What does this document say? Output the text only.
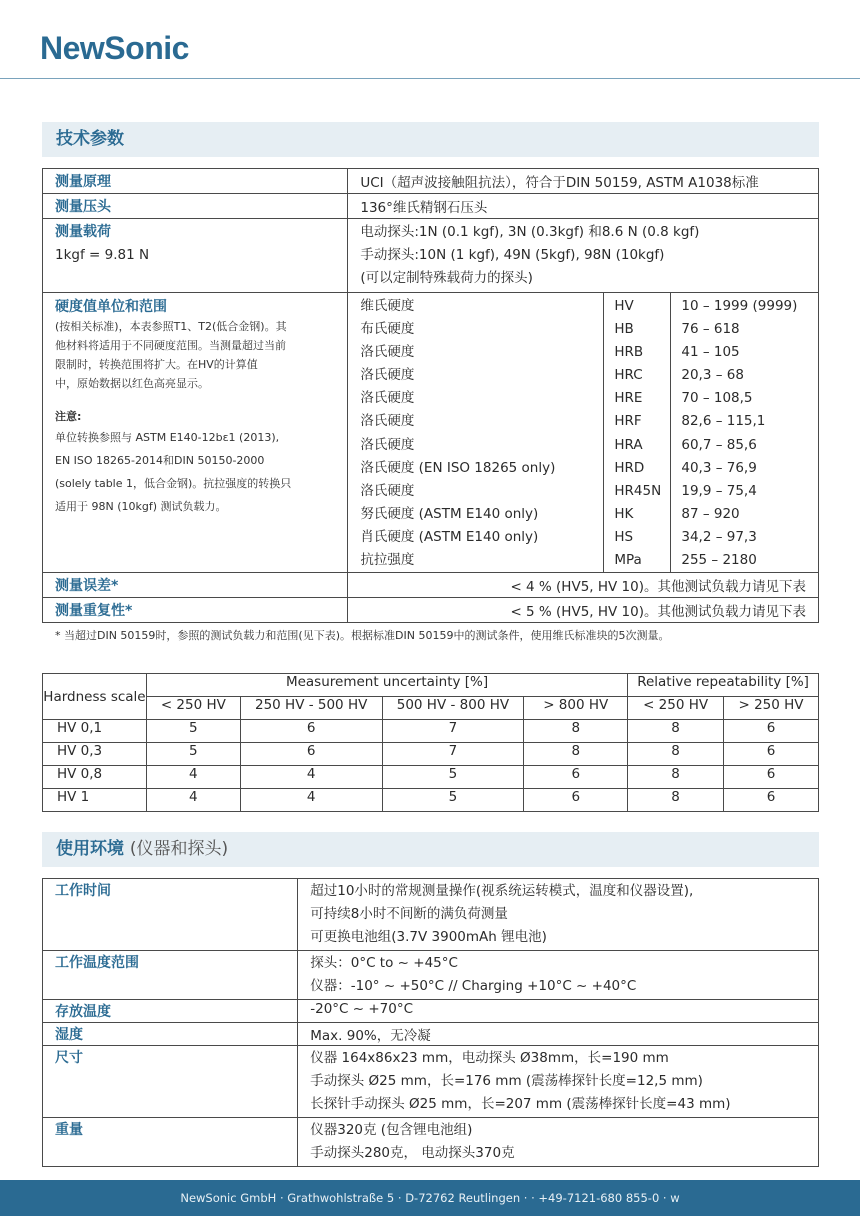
NewSonic
技术参数
测量原理	UCI（超声波接触阻抗法），符合于DIN 50159, ASTM A1038标准
测量压头	136°维氏精钢石压头

测量载荷
1kgf = 9.81 N

电动探头:1N (0.1 kgf), 3N (0.3kgf) 和8.6 N (0.8 kgf)
手动探头:10N (1 kgf), 49N (5kgf), 98N (10kgf)
(可以定制特殊载荷力的探头)

硬度值单位和范围
(按相关标准)，本表参照T1、T2(低合金钢)。其
他材料将适用于不同硬度范围。当测量超过当前
限制时，转换范围将扩大。在HV的计算值
中，原始数据以红色高亮显示。
注意:
单位转换参照与 ASTM E140-12bɛ1 (2013),
EN ISO 18265-2014和DIN 50150-2000
(solely table 1，低合金钢)。抗拉强度的转换只
适用于 98N (10kgf) 测试负载力。

维氏硬度	HV	10 – 1999 (9999)
布氏硬度	HB	76 – 618
洛氏硬度	HRB	41 – 105
洛氏硬度	HRC	20,3 – 68
洛氏硬度	HRE	70 – 108,5
洛氏硬度	HRF	82,6 – 115,1
洛氏硬度	HRA	60,7 – 85,6
洛氏硬度 (EN ISO 18265 only)	HRD	40,3 – 76,9
洛氏硬度	HR45N	19,9 – 75,4
努氏硬度 (ASTM E140 only)	HK	87 – 920
肖氏硬度 (ASTM E140 only)	HS	34,2 – 97,3
抗拉强度	MPa	255 – 2180

测量误差*	< 4 % (HV5, HV 10)。其他测试负载力请见下表
测量重复性*	< 5 % (HV5, HV 10)。其他测试负载力请见下表
* 当超过DIN 50159时，参照的测试负载力和范围(见下表)。根据标准DIN 50159中的测试条件，使用维氏标准块的5次测量。
Hardness scale	Measurement uncertainty [%]				Relative repeatability [%]	
	< 250 HV	250 HV - 500 HV	500 HV - 800 HV	> 800 HV	< 250 HV	> 250 HV
HV 0,1	5	6	7	8	8	6
HV 0,3	5	6	7	8	8	6
HV 0,8	4	4	5	6	8	6
HV 1	4	4	5	6	8	6
使用环境 (仪器和探头)
工作时间	超过10小时的常规测量操作(视系统运转模式，温度和仪器设置),
可持续8小时不间断的满负荷测量
可更换电池组(3.7V 3900mAh 锂电池)

工作温度范围	探头：0°C to ~ +45°C
仪器：-10° ~ +50°C // Charging +10°C ~ +40°C

存放温度	-20°C ~ +70°C
湿度	Max. 90%，无冷凝
尺寸	仪器 164x86x23 mm，电动探头 Ø38mm，长=190 mm
手动探头 Ø25 mm，长=176 mm (震荡棒探针长度=12,5 mm)
长探针手动探头 Ø25 mm，长=207 mm (震荡棒探针长度=43 mm)

重量	仪器320克 (包含锂电池组)
手动探头280克， 电动探头370克
NewSonic GmbH · Grathwohlstraße 5 · D-72762 Reutlingen · · +49-7121-680 855-0 · w
